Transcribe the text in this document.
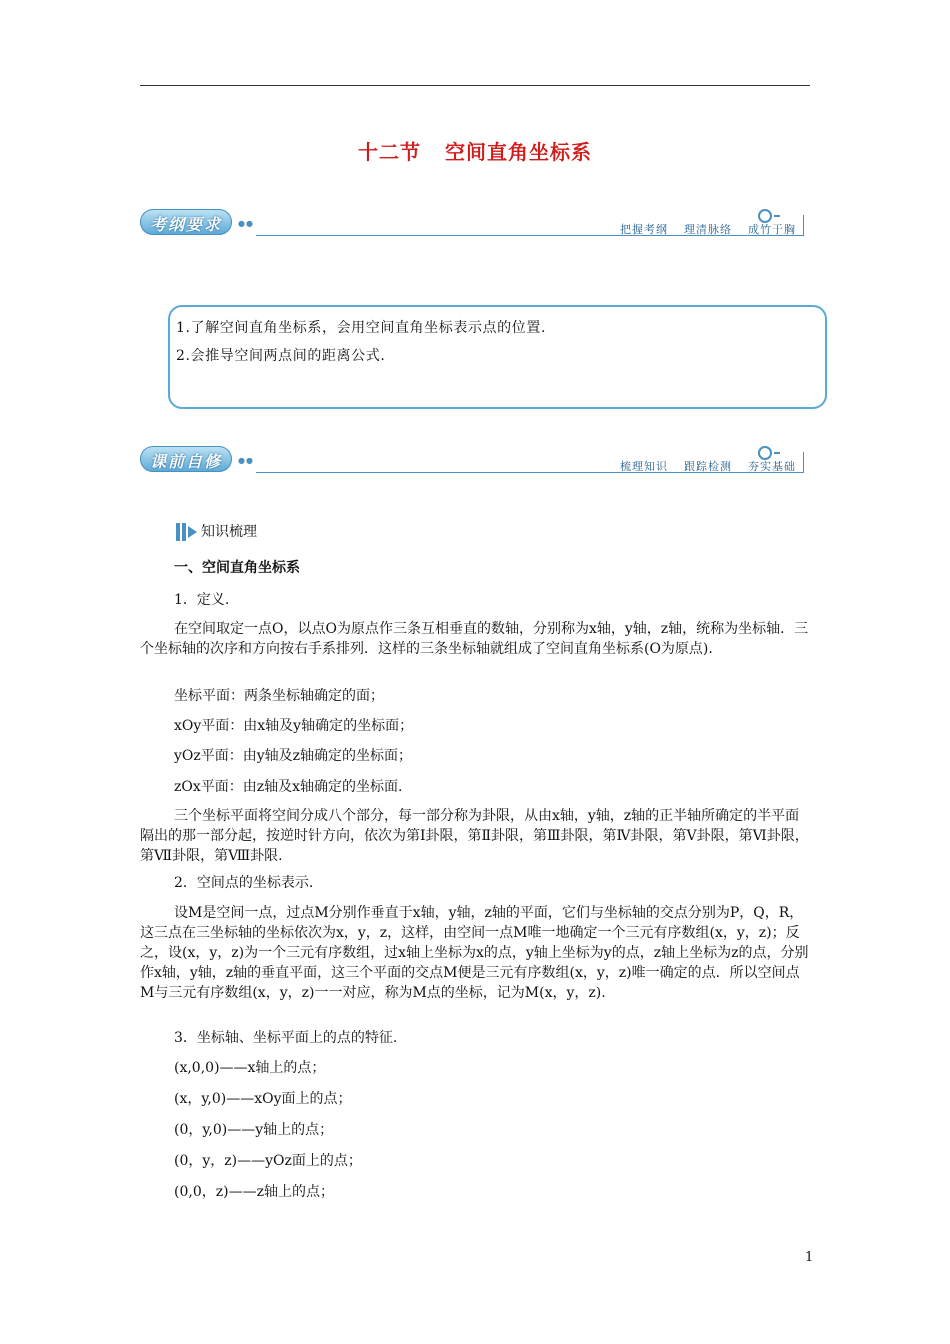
十二节 空间直角坐标系
考纲要求	●●	把握考纲 理清脉络 成竹于胸

1.了解空间直角坐标系，会用空间直角坐标表示点的位置.

2.会推导空间两点间的距离公式.

课前自修	●●	梳理知识 跟踪检测 夯实基础
知识梳理

一、空间直角坐标系

1．定义.

在空间取定一点O，以点O为原点作三条互相垂直的数轴，分别称为x轴，y轴，z轴，统称为坐标轴．三个坐标轴的次序和方向按右手系排列．这样的三条坐标轴就组成了空间直角坐标系(O为原点).

坐标平面：两条坐标轴确定的面；

xOy平面：由x轴及y轴确定的坐标面；

yOz平面：由y轴及z轴确定的坐标面；

zOx平面：由z轴及x轴确定的坐标面.

三个坐标平面将空间分成八个部分，每一部分称为卦限，从由x轴，y轴，z轴的正半轴所确定的半平面隔出的那一部分起，按逆时针方向，依次为第Ⅰ卦限，第Ⅱ卦限，第Ⅲ卦限，第Ⅳ卦限，第Ⅴ卦限，第Ⅵ卦限，第Ⅶ卦限，第Ⅷ卦限.

2．空间点的坐标表示.

设M是空间一点，过点M分别作垂直于x轴，y轴，z轴的平面，它们与坐标轴的交点分别为P，Q，R，这三点在三坐标轴的坐标依次为x，y，z，这样，由空间一点M唯一地确定一个三元有序数组(x，y，z)；反之，设(x，y，z)为一个三元有序数组，过x轴上坐标为x的点，y轴上坐标为y的点，z轴上坐标为z的点，分别作x轴，y轴，z轴的垂直平面，这三个平面的交点M便是三元有序数组(x，y，z)唯一确定的点．所以空间点M与三元有序数组(x，y，z)一一对应，称为M点的坐标，记为M(x，y，z).

3．坐标轴、坐标平面上的点的特征.

(x,0,0)——x轴上的点；

(x，y,0)——xOy面上的点；

(0，y,0)——y轴上的点；

(0，y，z)——yOz面上的点；

(0,0，z)——z轴上的点；

1
